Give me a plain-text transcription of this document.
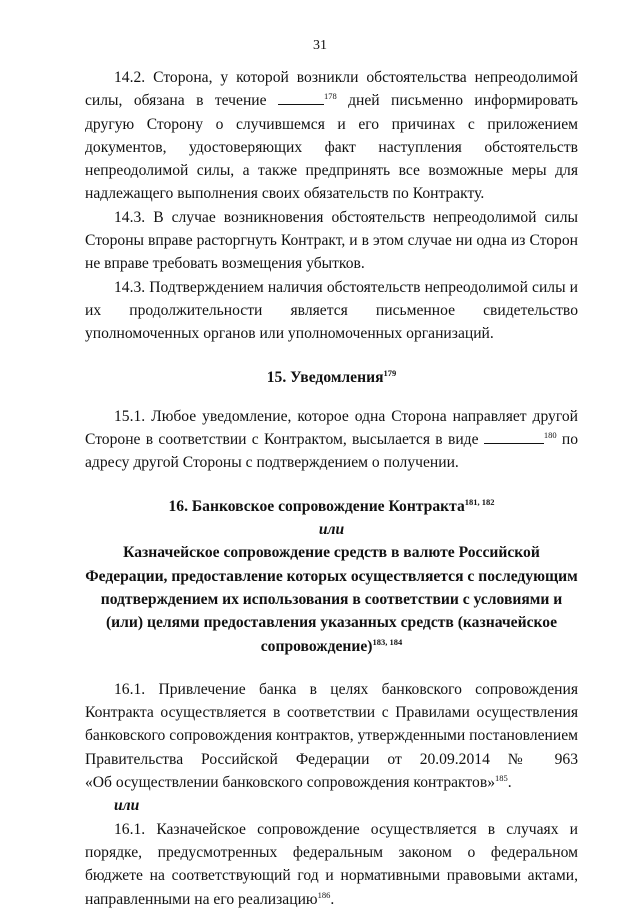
31

14.2. Сторона, у которой возникли обстоятельства непреодолимой силы, обязана в течение	$^{178}$ дней письменно информировать другую Сторону о случившемся и его причинах с приложением документов, удостоверяющих факт наступления обстоятельств непреодолимой силы, а также предпринять все возможные меры для надлежащего выполнения своих обязательств по Контракту.

14.3. В случае возникновения обстоятельств непреодолимой силы Стороны вправе расторгнуть Контракт, и в этом случае ни одна из Сторон не вправе требовать возмещения убытков.

14.3. Подтверждением наличия обстоятельств непреодолимой силы и их продолжительности является письменное свидетельство

уполномоченных органов или уполномоченных организаций.

15. Уведомления$^{179}$

15.1. Любое уведомление, которое одна Сторона направляет другой Стороне в соответствии с Контрактом, высылается в виде	$^{180}$ по адресу другой Стороны с подтверждением о получении.

16. Банковское сопровождение Контракта$^{181, 182}$
или
Казначейское сопровождение средств в валюте Российской Федерации, предоставление которых осуществляется с последующим подтверждением их использования в соответствии с условиями и (или) целями предоставления указанных средств (казначейское сопровождение)$^{183, 184}$

16.1. Привлечение банка в целях банковского сопровождения Контракта осуществляется в соответствии с Правилами осуществления банковского сопровождения контрактов, утвержденными постановлением Правительства Российской Федерации от 20.09.2014 № 963

«Об осуществлении банковского сопровождения контрактов»$^{185}$.

или

16.1. Казначейское сопровождение осуществляется в случаях и порядке, предусмотренных федеральным законом о федеральном бюджете на соответствующий год и нормативными правовыми актами, направленными на его реализацию$^{186}$.
